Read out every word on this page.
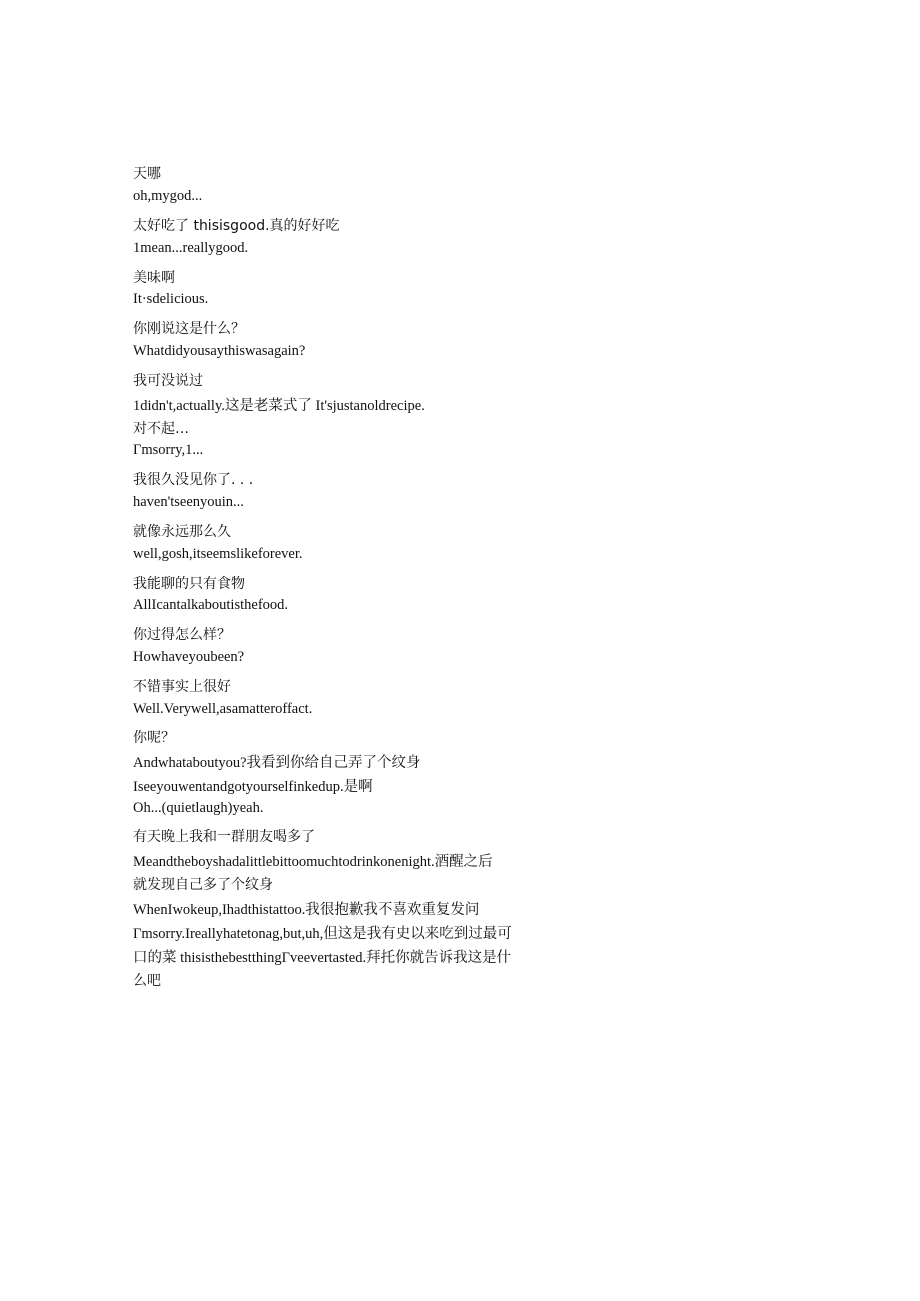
天哪

oh,mygod...

太好吃了 thisisgood.真的好好吃

1mean...reallygood.

美味啊

It·sdelicious.

你刚说这是什么？

Whatdidyousaythiswasagain?

我可没说过

1didn't,actually.这是老菜式了 It'sjustanoldrecipe.

对不起…

Γmsorry,1...

我很久没见你了. . .

haven'tseenyouin...

就像永远那么久

well,gosh,itseemslikeforever.

我能聊的只有食物

AllIcantalkaboutisthefood.

你过得怎么样？

Howhaveyoubeen?

不错事实上很好

Well.Verywell,asamatteroffact.

你呢？

Andwhataboutyou?我看到你给自己弄了个纹身

Iseeyouwentandgotyourselfinkedup.是啊

Oh...(quietlaugh)yeah.

有天晚上我和一群朋友喝多了

Meandtheboyshadalittlebittoomuchtodrinkonenight.酒醒之后

就发现自己多了个纹身

WhenIwokeup,Ihadthistattoo.我很抱歉我不喜欢重复发问

Γmsorry.Ireallyhatetonag,but,uh,但这是我有史以来吃到过最可

口的菜 thisisthebestthingΓveevertasted.拜托你就告诉我这是什

么吧
